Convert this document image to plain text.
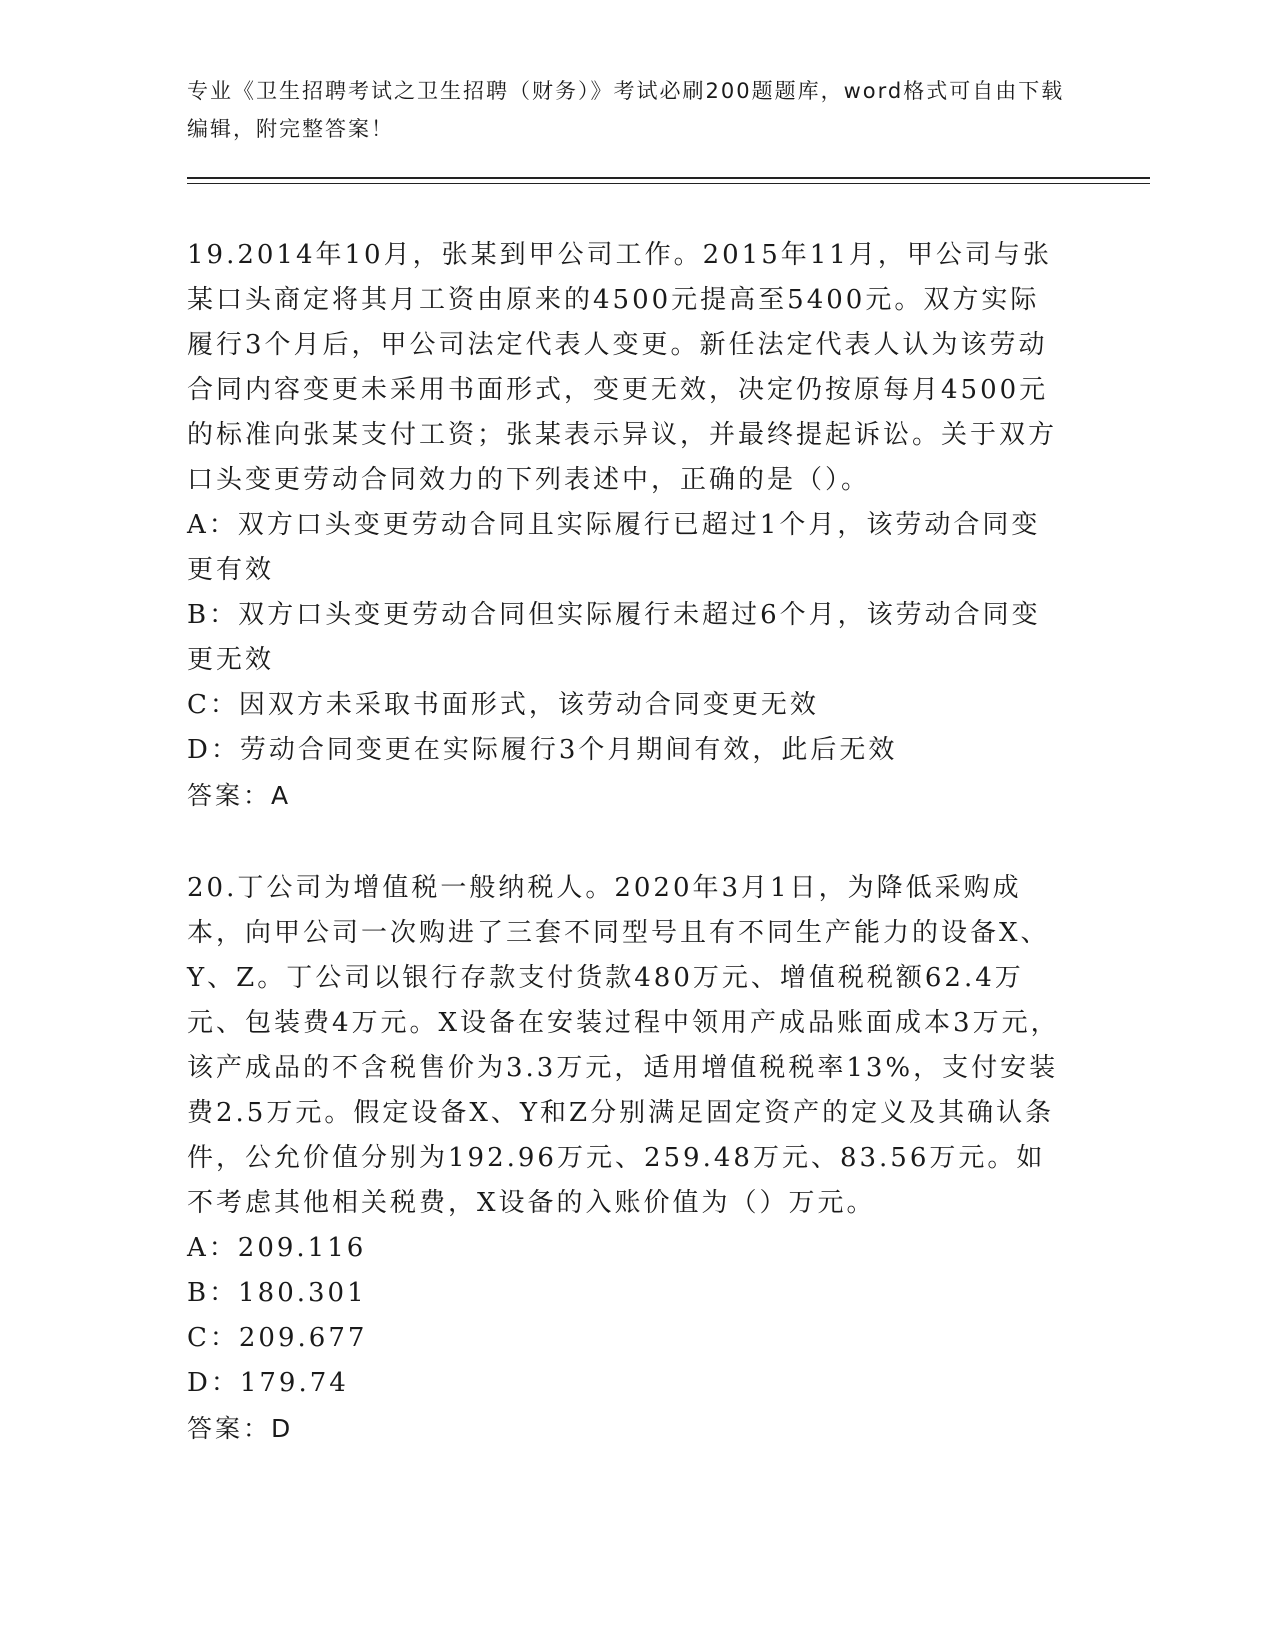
专业《卫生招聘考试之卫生招聘（财务）》考试必刷200题题库，word格式可自由下载编辑，附完整答案！

19.2014年10月，张某到甲公司工作。2015年11月，甲公司与张某口头商定将其月工资由原来的4500元提高至5400元。双方实际履行3个月后，甲公司法定代表人变更。新任法定代表人认为该劳动合同内容变更未采用书面形式，变更无效，决定仍按原每月4500元的标准向张某支付工资；张某表示异议，并最终提起诉讼。关于双方口头变更劳动合同效力的下列表述中，正确的是（）。

A：双方口头变更劳动合同且实际履行已超过1个月，该劳动合同变更有效

B：双方口头变更劳动合同但实际履行未超过6个月，该劳动合同变更无效

C：因双方未采取书面形式，该劳动合同变更无效

D：劳动合同变更在实际履行3个月期间有效，此后无效

答案：A

20.丁公司为增值税一般纳税人。2020年3月1日，为降低采购成本，向甲公司一次购进了三套不同型号且有不同生产能力的设备X、Y、Z。丁公司以银行存款支付货款480万元、增值税税额62.4万元、包装费4万元。X设备在安装过程中领用产成品账面成本3万元，该产成品的不含税售价为3.3万元，适用增值税税率13%，支付安装费2.5万元。假定设备X、Y和Z分别满足固定资产的定义及其确认条件，公允价值分别为192.96万元、259.48万元、83.56万元。如不考虑其他相关税费，X设备的入账价值为（）万元。

A：209.116

B：180.301

C：209.677

D：179.74

答案：D
